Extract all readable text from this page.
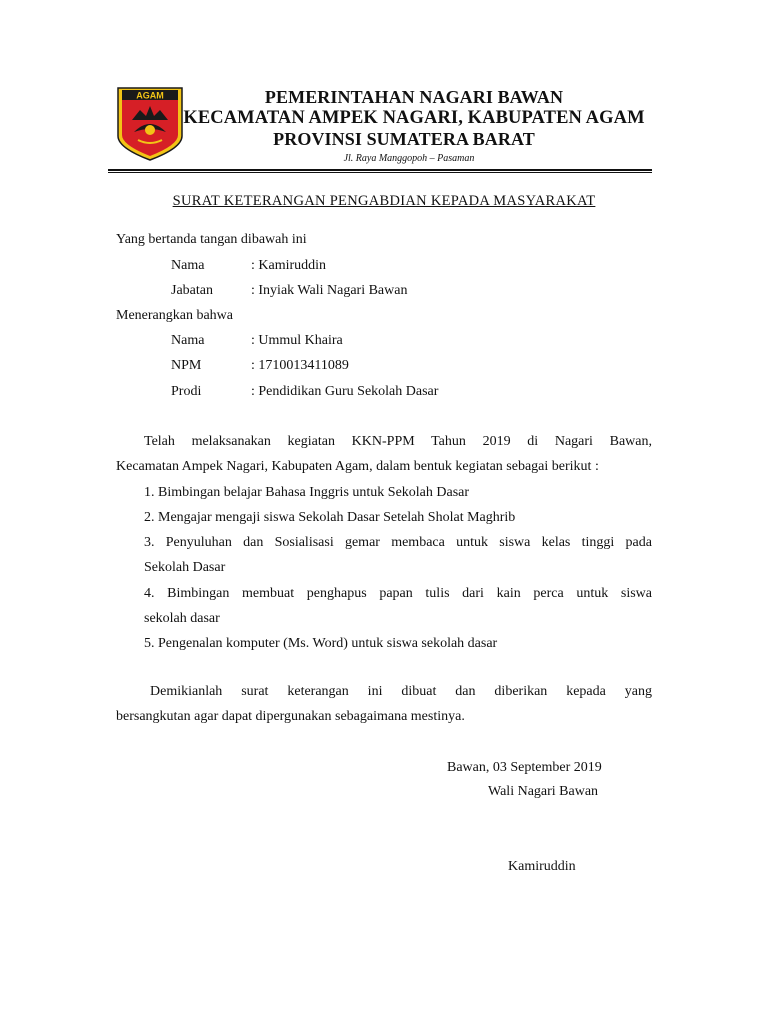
AGAM	PEMERINTAHAN NAGARI BAWAN
KECAMATAN AMPEK NAGARI, KABUPATEN AGAM
PROVINSI SUMATERA BARAT
Jl. Raya Manggopoh – Pasaman
SURAT KETERANGAN PENGABDIAN KEPADA MASYARAKAT
Yang bertanda tangan dibawah ini
Nama	: Kamiruddin
Jabatan	: Inyiak Wali Nagari Bawan
Menerangkan bahwa
Nama	: Ummul Khaira
NPM	: 1710013411089
Prodi	: Pendidikan Guru Sekolah Dasar
Telah melaksanakan kegiatan KKN-PPM Tahun 2019 di Nagari Bawan,
Kecamatan Ampek Nagari, Kabupaten Agam, dalam bentuk kegiatan sebagai berikut :
1. Bimbingan belajar Bahasa Inggris untuk Sekolah Dasar
2. Mengajar mengaji siswa Sekolah Dasar Setelah Sholat Maghrib
3. Penyuluhan dan Sosialisasi gemar membaca untuk siswa kelas tinggi pada
Sekolah Dasar
4. Bimbingan membuat penghapus papan tulis dari kain perca untuk siswa
sekolah dasar
5. Pengenalan komputer (Ms. Word) untuk siswa sekolah dasar
Demikianlah surat keterangan ini dibuat dan diberikan kepada yang
bersangkutan agar dapat dipergunakan sebagaimana mestinya.
Bawan, 03 September 2019
Wali Nagari Bawan
Kamiruddin
